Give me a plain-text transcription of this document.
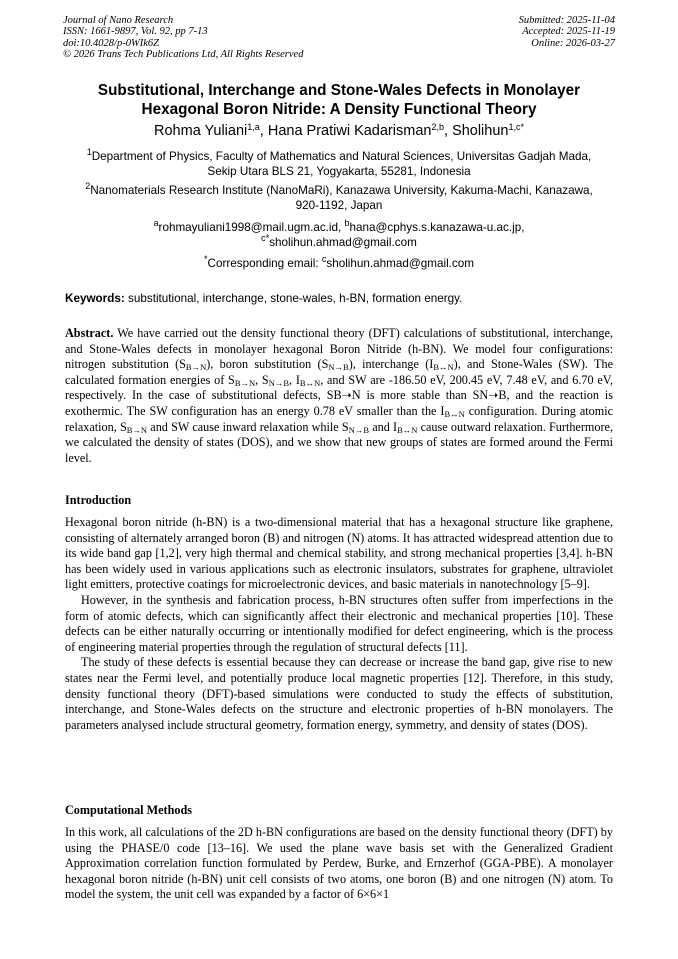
Journal of Nano Research
ISSN: 1661-9897, Vol. 92, pp 7-13
doi:10.4028/p-0WIk6Z
© 2026 Trans Tech Publications Ltd, All Rights Reserved
Submitted: 2025-11-04
Accepted: 2025-11-19
Online: 2026-03-27
Substitutional, Interchange and Stone-Wales Defects in Monolayer
Hexagonal Boron Nitride: A Density Functional Theory
Rohma Yuliani$^{1,a}$, Hana Pratiwi Kadarisman$^{2,b}$, Sholihun$^{1,c*}$
$^1$Department of Physics, Faculty of Mathematics and Natural Sciences, Universitas Gadjah Mada,
Sekip Utara BLS 21, Yogyakarta, 55281, Indonesia
$^2$Nanomaterials Research Institute (NanoMaRi), Kanazawa University, Kakuma-Machi, Kanazawa,
920-1192, Japan
$^a$rohmayuliani1998@mail.ugm.ac.id, $^b$hana@cphys.s.kanazawa-u.ac.jp,
$^{c*}$sholihun.ahmad@gmail.com
*Corresponding email: $^c$sholihun.ahmad@gmail.com
Keywords: substitutional, interchange, stone-wales, h-BN, formation energy.

Abstract. We have carried out the density functional theory (DFT) calculations of substitutional, interchange, and Stone-Wales defects in monolayer hexagonal Boron Nitride (h-BN). We model four configurations: nitrogen substitution $(S_{B\to N})$, boron substitution $(S_{N\to B})$, interchange $(I_{B\leftrightarrow N})$, and Stone-Wales (SW). The calculated formation energies of $S_{B\to N}$, $S_{N\to B}$, $I_{B\leftrightarrow N}$, and SW are -186.50 eV, 200.45 eV, 7.48 eV, and 6.70 eV, respectively. In the case of substitutional defects, SB➝N is more stable than SN➝B, and the reaction is exothermic. The SW configuration has an energy 0.78 eV smaller than the $I_{B\leftrightarrow N}$ configuration. During atomic relaxation, $S_{B\to N}$ and SW cause inward relaxation while $S_{N\to B}$ and $I_{B\leftrightarrow N}$ cause outward relaxation. Furthermore, we calculated the density of states (DOS), and we show that new groups of states are formed around the Fermi level.

Introduction

Hexagonal boron nitride (h-BN) is a two-dimensional material that has a hexagonal structure like graphene, consisting of alternately arranged boron (B) and nitrogen (N) atoms. It has attracted widespread attention due to its wide band gap [1,2], very high thermal and chemical stability, and strong mechanical properties [3,4]. h-BN has been widely used in various applications such as electronic insulators, substrates for graphene, ultraviolet light emitters, protective coatings for microelectronic devices, and basic materials in nanotechnology [5–9].

However, in the synthesis and fabrication process, h-BN structures often suffer from imperfections in the form of atomic defects, which can significantly affect their electronic and mechanical properties [10]. These defects can be either naturally occurring or intentionally modified for defect engineering, which is the process of engineering material properties through the regulation of structural defects [11].

The study of these defects is essential because they can decrease or increase the band gap, give rise to new states near the Fermi level, and potentially produce local magnetic properties [12]. Therefore, in this study, density functional theory (DFT)-based simulations were conducted to study the effects of substitution, interchange, and Stone-Wales defects on the structure and electronic properties of h-BN monolayers. The parameters analysed include structural geometry, formation energy, symmetry, and density of states (DOS).

Computational Methods

In this work, all calculations of the 2D h-BN configurations are based on the density functional theory (DFT) by using the PHASE/0 code [13–16]. We used the plane wave basis set with the Generalized Gradient Approximation correlation function formulated by Perdew, Burke, and Ernzerhof (GGA-PBE). A monolayer hexagonal boron nitride (h-BN) unit cell consists of two atoms, one boron (B) and one nitrogen (N) atom. To model the system, the unit cell was expanded by a factor of 6×6×1
